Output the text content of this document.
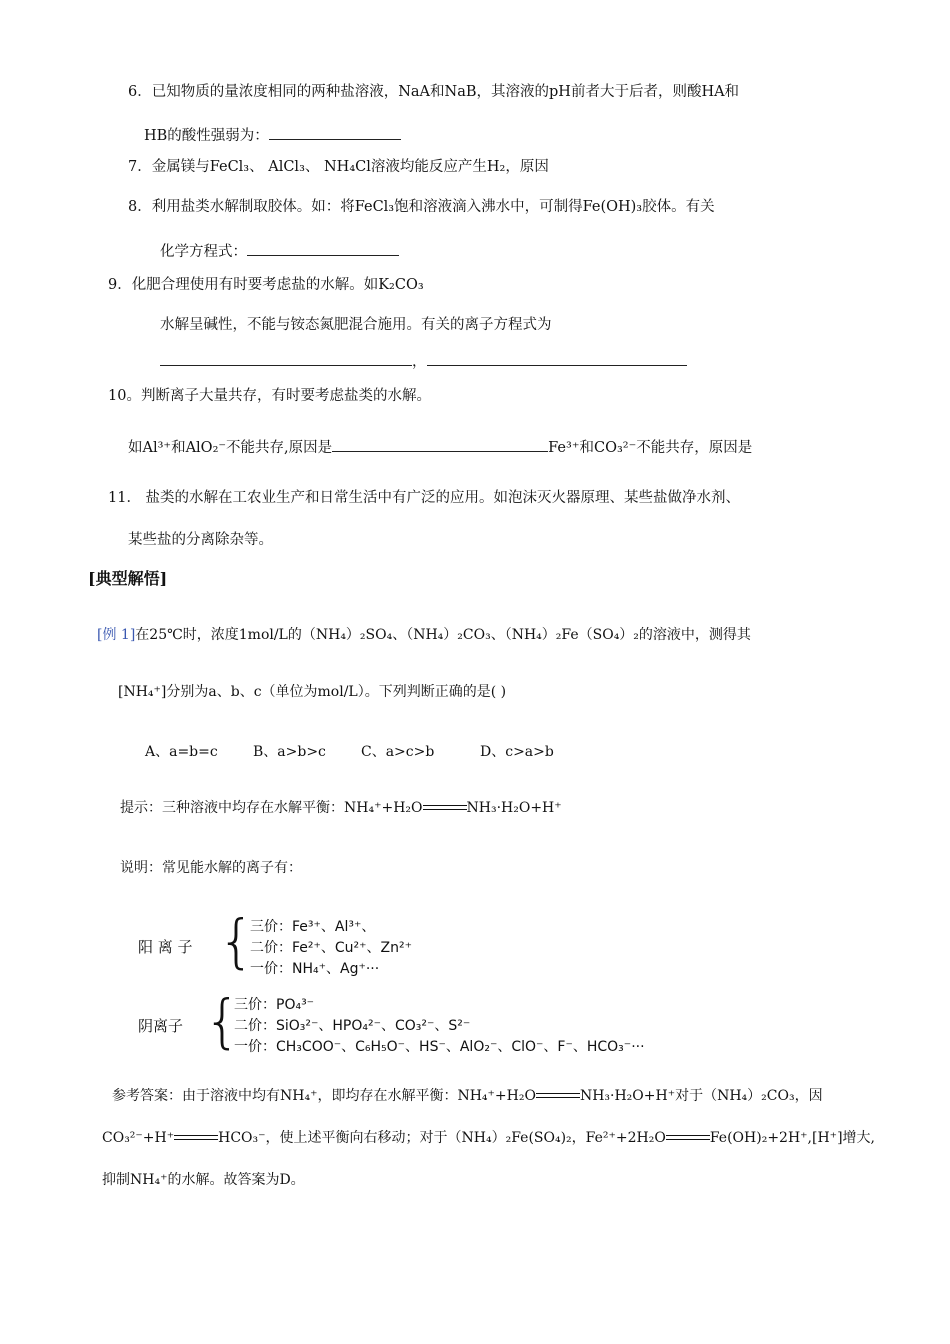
6．已知物质的量浓度相同的两种盐溶液，NaA和NaB，其溶液的pH前者大于后者，则酸HA和
HB的酸性强弱为：
7．金属镁与FeCl₃、 AlCl₃、 NH₄Cl溶液均能反应产生H₂，原因
8．利用盐类水解制取胶体。如：将FeCl₃饱和溶液滴入沸水中，可制得Fe(OH)₃胶体。有关
化学方程式：
9．化肥合理使用有时要考虑盐的水解。如K₂CO₃
水解呈碱性，不能与铵态氮肥混合施用。有关的离子方程式为
，
10。判断离子大量共存，有时要考虑盐类的水解。
如Al³⁺和AlO₂⁻不能共存,原因是	Fe³⁺和CO₃²⁻不能共存，原因是
11． 盐类的水解在工农业生产和日常生活中有广泛的应用。如泡沫灭火器原理、某些盐做净水剂、
某些盐的分离除杂等。
[典型解悟]
[例 1]在25℃时，浓度1mol/L的（NH₄）₂SO₄、（NH₄）₂CO₃、（NH₄）₂Fe（SO₄）₂的溶液中，测得其
[NH₄⁺]分别为a、b、c（单位为mol/L）。下列判断正确的是( )
A、a=b=c	B、a>b>c	C、a>c>b	D、c>a>b
提示：三种溶液中均存在水解平衡：NH₄⁺+H₂O	NH₃·H₂O+H⁺
说明：常见能水解的离子有：
阳 离 子 {
三价：Fe³⁺、Al³⁺、
二价：Fe²⁺、Cu²⁺、Zn²⁺
一价：NH₄⁺、Ag⁺···
阴离子 {
三价：PO₄³⁻
二价：SiO₃²⁻、HPO₄²⁻、CO₃²⁻、S²⁻
一价：CH₃COO⁻、C₆H₅O⁻、HS⁻、AlO₂⁻、ClO⁻、F⁻、HCO₃⁻···
参考答案：由于溶液中均有NH₄⁺，即均存在水解平衡：NH₄⁺+H₂O	NH₃·H₂O+H⁺对于（NH₄）₂CO₃，因
CO₃²⁻+H⁺	HCO₃⁻，使上述平衡向右移动；对于（NH₄）₂Fe(SO₄)₂，Fe²⁺+2H₂O	Fe(OH)₂+2H⁺,[H⁺]增大,
抑制NH₄⁺的水解。故答案为D。
